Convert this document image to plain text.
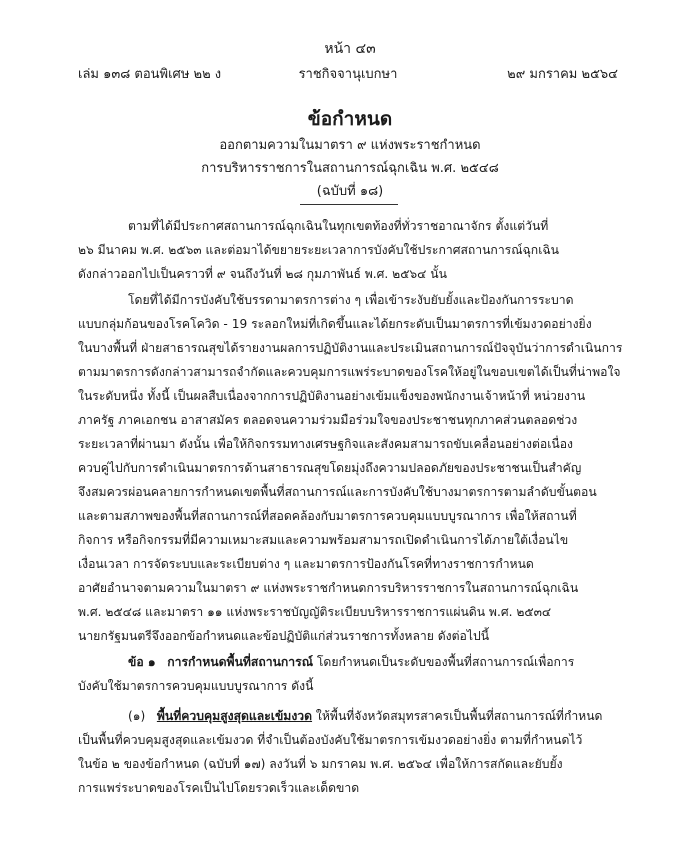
หน้า ๔๓
เล่ม ๑๓๘ ตอนพิเศษ ๒๒ ง	ราชกิจจานุเบกษา	๒๙ มกราคม ๒๕๖๔
ข้อกำหนด
ออกตามความในมาตรา ๙ แห่งพระราชกำหนด
การบริหารราชการในสถานการณ์ฉุกเฉิน พ.ศ. ๒๕๔๘
(ฉบับที่ ๑๘)
ตามที่ได้มีประกาศสถานการณ์ฉุกเฉินในทุกเขตท้องที่ทั่วราชอาณาจักร ตั้งแต่วันที่
๒๖ มีนาคม พ.ศ. ๒๕๖๓ และต่อมาได้ขยายระยะเวลาการบังคับใช้ประกาศสถานการณ์ฉุกเฉิน
ดังกล่าวออกไปเป็นคราวที่ ๙ จนถึงวันที่ ๒๘ กุมภาพันธ์ พ.ศ. ๒๕๖๔ นั้น
โดยที่ได้มีการบังคับใช้บรรดามาตรการต่าง ๆ เพื่อเข้าระงับยับยั้งและป้องกันการระบาด
แบบกลุ่มก้อนของโรคโควิด - 19 ระลอกใหม่ที่เกิดขึ้นและได้ยกระดับเป็นมาตรการที่เข้มงวดอย่างยิ่ง
ในบางพื้นที่ ฝ่ายสาธารณสุขได้รายงานผลการปฏิบัติงานและประเมินสถานการณ์ปัจจุบันว่าการดำเนินการ
ตามมาตรการดังกล่าวสามารถจำกัดและควบคุมการแพร่ระบาดของโรคให้อยู่ในขอบเขตได้เป็นที่น่าพอใจ
ในระดับหนึ่ง ทั้งนี้ เป็นผลสืบเนื่องจากการปฏิบัติงานอย่างเข้มแข็งของพนักงานเจ้าหน้าที่ หน่วยงาน
ภาครัฐ ภาคเอกชน อาสาสมัคร ตลอดจนความร่วมมือร่วมใจของประชาชนทุกภาคส่วนตลอดช่วง
ระยะเวลาที่ผ่านมา ดังนั้น เพื่อให้กิจกรรมทางเศรษฐกิจและสังคมสามารถขับเคลื่อนอย่างต่อเนื่อง
ควบคู่ไปกับการดำเนินมาตรการด้านสาธารณสุขโดยมุ่งถึงความปลอดภัยของประชาชนเป็นสำคัญ
จึงสมควรผ่อนคลายการกำหนดเขตพื้นที่สถานการณ์และการบังคับใช้บางมาตรการตามลำดับขั้นตอน
และตามสภาพของพื้นที่สถานการณ์ที่สอดคล้องกับมาตรการควบคุมแบบบูรณาการ เพื่อให้สถานที่
กิจการ หรือกิจกรรมที่มีความเหมาะสมและความพร้อมสามารถเปิดดำเนินการได้ภายใต้เงื่อนไข
เงื่อนเวลา การจัดระบบและระเบียบต่าง ๆ และมาตรการป้องกันโรคที่ทางราชการกำหนด
อาศัยอำนาจตามความในมาตรา ๙ แห่งพระราชกำหนดการบริหารราชการในสถานการณ์ฉุกเฉิน
พ.ศ. ๒๕๔๘ และมาตรา ๑๑ แห่งพระราชบัญญัติระเบียบบริหารราชการแผ่นดิน พ.ศ. ๒๕๓๔
นายกรัฐมนตรีจึงออกข้อกำหนดและข้อปฏิบัติแก่ส่วนราชการทั้งหลาย ดังต่อไปนี้
ข้อ ๑ การกำหนดพื้นที่สถานการณ์ โดยกำหนดเป็นระดับของพื้นที่สถานการณ์เพื่อการ
บังคับใช้มาตรการควบคุมแบบบูรณาการ ดังนี้
(๑) พื้นที่ควบคุมสูงสุดและเข้มงวด ให้พื้นที่จังหวัดสมุทรสาครเป็นพื้นที่สถานการณ์ที่กำหนด
เป็นพื้นที่ควบคุมสูงสุดและเข้มงวด ที่จำเป็นต้องบังคับใช้มาตรการเข้มงวดอย่างยิ่ง ตามที่กำหนดไว้
ในข้อ ๒ ของข้อกำหนด (ฉบับที่ ๑๗) ลงวันที่ ๖ มกราคม พ.ศ. ๒๕๖๔ เพื่อให้การสกัดและยับยั้ง
การแพร่ระบาดของโรคเป็นไปโดยรวดเร็วและเด็ดขาด
